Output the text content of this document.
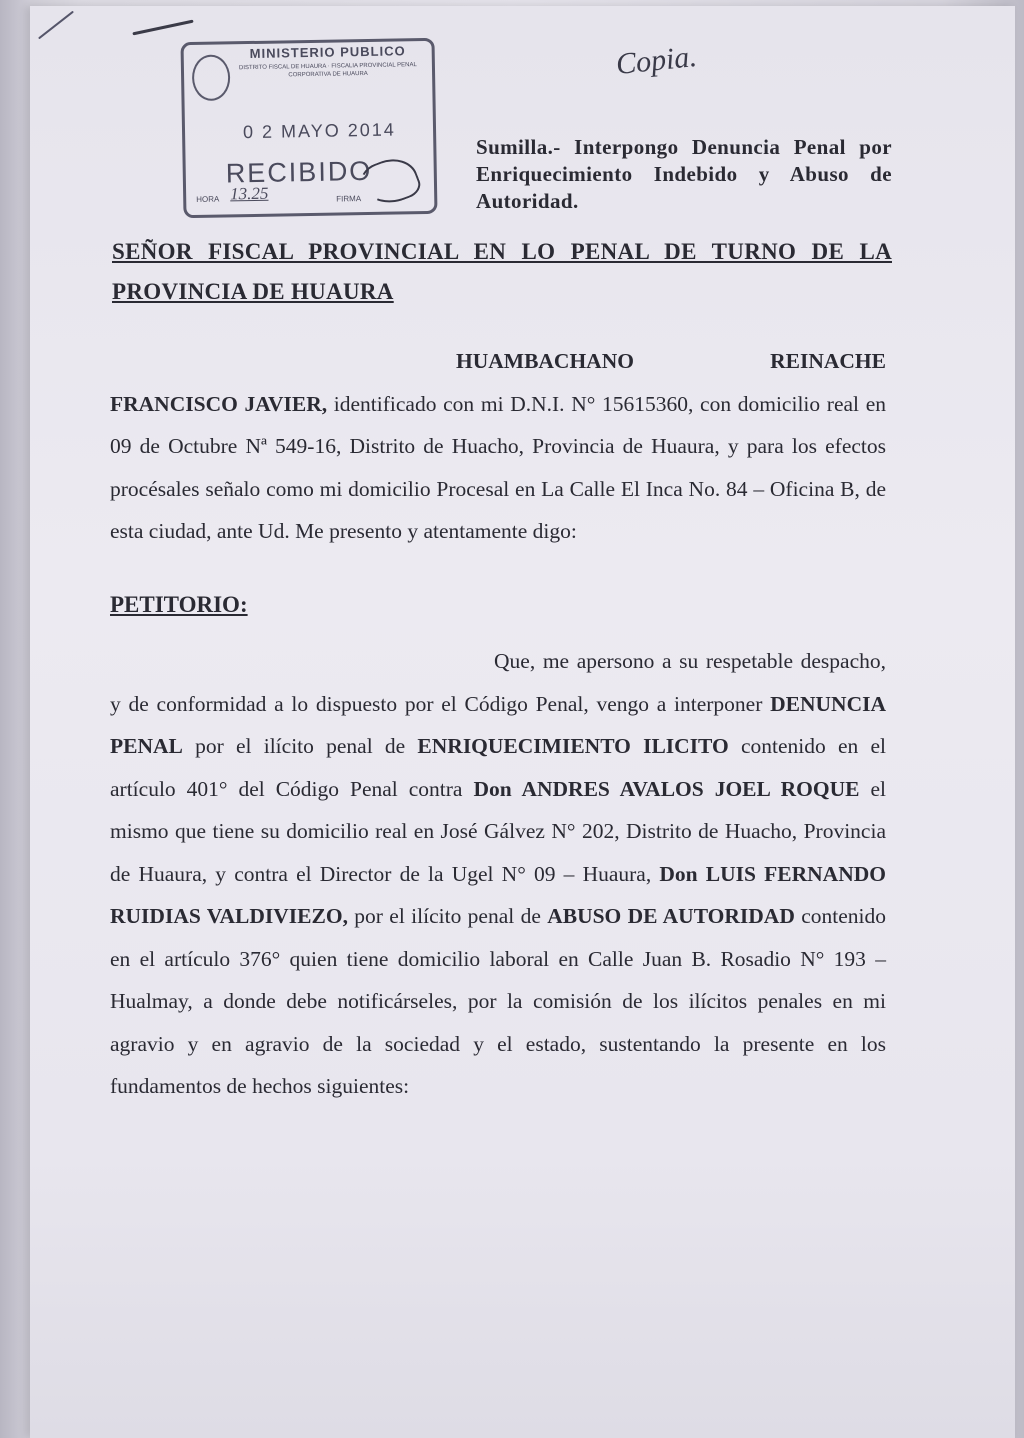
MINISTERIO PUBLICO
DISTRITO FISCAL DE HUAURA · FISCALIA PROVINCIAL PENAL CORPORATIVA DE HUAURA
0 2 MAYO 2014
RECIBIDO
HORA 13.25	FIRMA
Copia.
Sumilla.- Interpongo Denuncia Penal por Enriquecimiento Indebido y Abuso de Autoridad.
SEÑOR FISCAL PROVINCIAL EN LO PENAL DE TURNO DE LA PROVINCIA DE HUAURA
HUAMBACHANO REINACHE FRANCISCO JAVIER, identificado con mi D.N.I. N° 15615360, con domicilio real en 09 de Octubre Nª 549-16, Distrito de Huacho, Provincia de Huaura, y para los efectos procésales señalo como mi domicilio Procesal en La Calle El Inca No. 84 – Oficina B, de esta ciudad, ante Ud. Me presento y atentamente digo:
PETITORIO:
Que, me apersono a su respetable despacho, y de conformidad a lo dispuesto por el Código Penal, vengo a interponer DENUNCIA PENAL por el ilícito penal de ENRIQUECIMIENTO ILICITO contenido en el artículo 401° del Código Penal contra Don ANDRES AVALOS JOEL ROQUE el mismo que tiene su domicilio real en José Gálvez N° 202, Distrito de Huacho, Provincia de Huaura, y contra el Director de la Ugel N° 09 – Huaura, Don LUIS FERNANDO RUIDIAS VALDIVIEZO, por el ilícito penal de ABUSO DE AUTORIDAD contenido en el artículo 376° quien tiene domicilio laboral en Calle Juan B. Rosadio N° 193 – Hualmay, a donde debe notificárseles, por la comisión de los ilícitos penales en mi agravio y en agravio de la sociedad y el estado, sustentando la presente en los fundamentos de hechos siguientes:
